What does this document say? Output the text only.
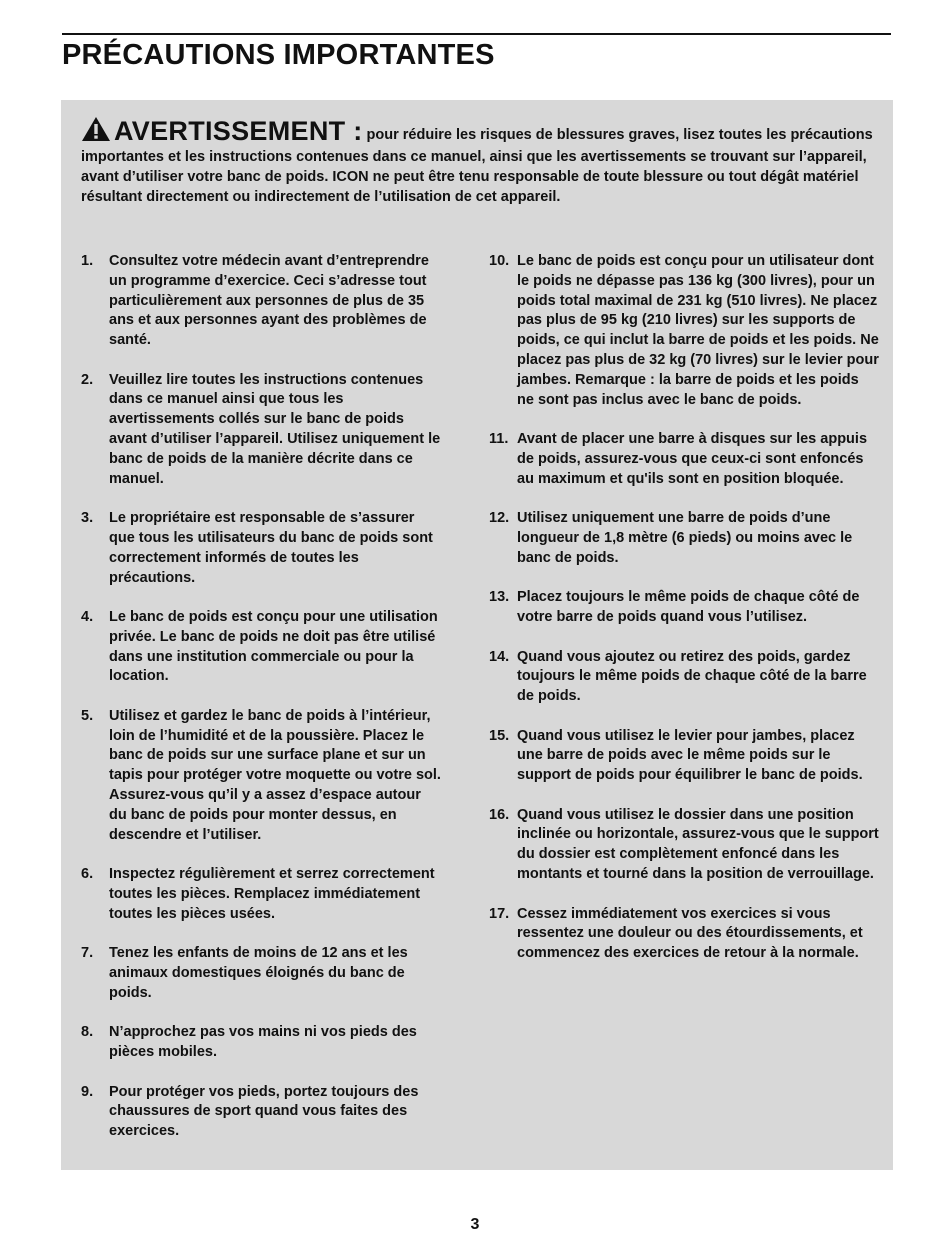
PRÉCAUTIONS IMPORTANTES
AVERTISSEMENT : pour réduire les risques de blessures graves, lisez toutes les précautions importantes et les instructions contenues dans ce manuel, ainsi que les avertissements se trouvant sur l’appareil, avant d’utiliser votre banc de poids. ICON ne peut être tenu responsable de toute blessure ou tout dégât matériel résultant directement ou indirectement de l’utilisation de cet appareil.
1. Consultez votre médecin avant d’entreprendre un programme d’exercice. Ceci s’adresse tout particulièrement aux personnes de plus de 35 ans et aux personnes ayant des problèmes de santé.
2. Veuillez lire toutes les instructions contenues dans ce manuel ainsi que tous les avertissements collés sur le banc de poids avant d’utiliser l’appareil. Utilisez uniquement le banc de poids de la manière décrite dans ce manuel.
3. Le propriétaire est responsable de s’assurer que tous les utilisateurs du banc de poids sont correctement informés de toutes les précautions.
4. Le banc de poids est conçu pour une utilisation privée. Le banc de poids ne doit pas être utilisé dans une institution commerciale ou pour la location.
5. Utilisez et gardez le banc de poids à l’intérieur, loin de l’humidité et de la poussière. Placez le banc de poids sur une surface plane et sur un tapis pour protéger votre moquette ou votre sol. Assurez-vous qu’il y a assez d’espace autour du banc de poids pour monter dessus, en descendre et l’utiliser.
6. Inspectez régulièrement et serrez correctement toutes les pièces. Remplacez immédiatement toutes les pièces usées.
7. Tenez les enfants de moins de 12 ans et les animaux domestiques éloignés du banc de poids.
8. N’approchez pas vos mains ni vos pieds des pièces mobiles.
9. Pour protéger vos pieds, portez toujours des chaussures de sport quand vous faites des exercices.
10. Le banc de poids est conçu pour un utilisateur dont le poids ne dépasse pas 136 kg (300 livres), pour un poids total maximal de 231 kg (510 livres). Ne placez pas plus de 95 kg (210 livres) sur les supports de poids, ce qui inclut la barre de poids et les poids. Ne placez pas plus de 32 kg (70 livres) sur le levier pour jambes. Remarque : la barre de poids et les poids ne sont pas inclus avec le banc de poids.
11. Avant de placer une barre à disques sur les appuis de poids, assurez-vous que ceux-ci sont enfoncés au maximum et qu'ils sont en position bloquée.
12. Utilisez uniquement une barre de poids d’une longueur de 1,8 mètre (6 pieds) ou moins avec le banc de poids.
13. Placez toujours le même poids de chaque côté de votre barre de poids quand vous l’utilisez.
14. Quand vous ajoutez ou retirez des poids, gardez toujours le même poids de chaque côté de la barre de poids.
15. Quand vous utilisez le levier pour jambes, placez une barre de poids avec le même poids sur le support de poids pour équilibrer le banc de poids.
16. Quand vous utilisez le dossier dans une position inclinée ou horizontale, assurez-vous que le support du dossier est complètement enfoncé dans les montants et tourné dans la position de verrouillage.
17. Cessez immédiatement vos exercices si vous ressentez une douleur ou des étourdissements, et commencez des exercices de retour à la normale.
3
